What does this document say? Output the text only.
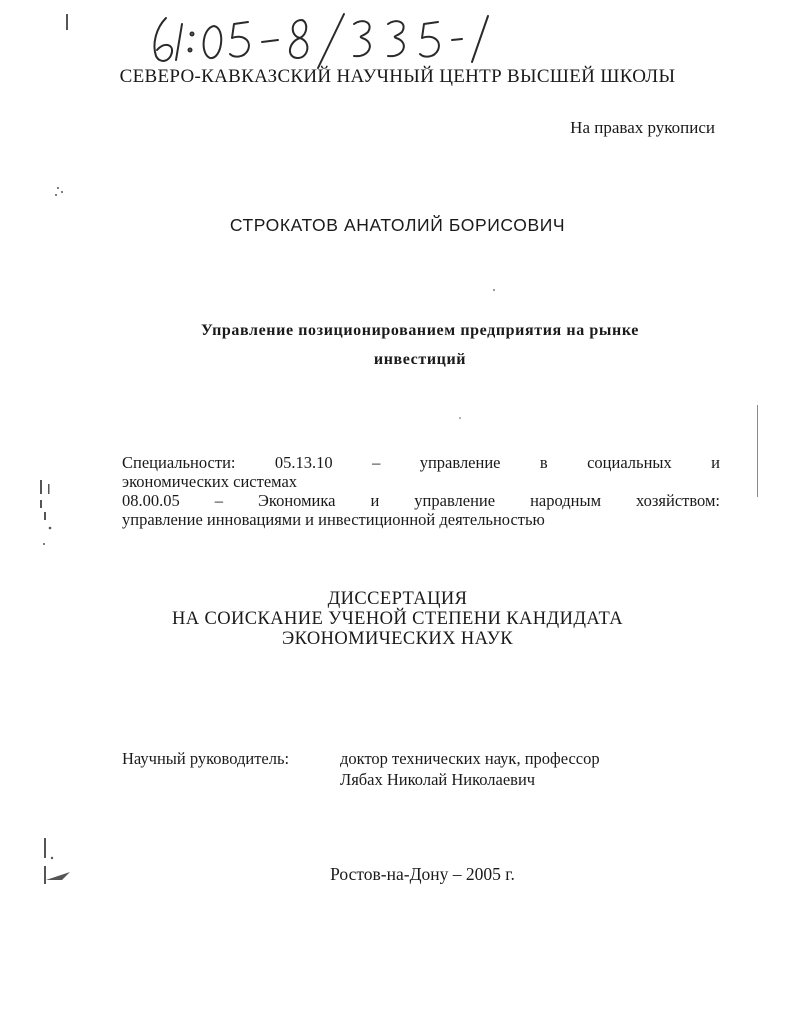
СЕВЕРО-КАВКАЗСКИЙ НАУЧНЫЙ ЦЕНТР ВЫСШЕЙ ШКОЛЫ
На правах рукописи
СТРОКАТОВ АНАТОЛИЙ БОРИСОВИЧ
Управление позиционированием предприятия на рынке
инвестиций
Специальности: 05.13.10 – управление в социальных и
экономических системах
08.00.05 – Экономика и управление народным хозяйством:
управление инновациями и инвестиционной деятельностью
ДИССЕРТАЦИЯ
НА СОИСКАНИЕ УЧЕНОЙ СТЕПЕНИ КАНДИДАТА
ЭКОНОМИЧЕСКИХ НАУК
Научный руководитель:	доктор технических наук, профессор
Лябах Николай Николаевич
Ростов-на-Дону – 2005 г.
